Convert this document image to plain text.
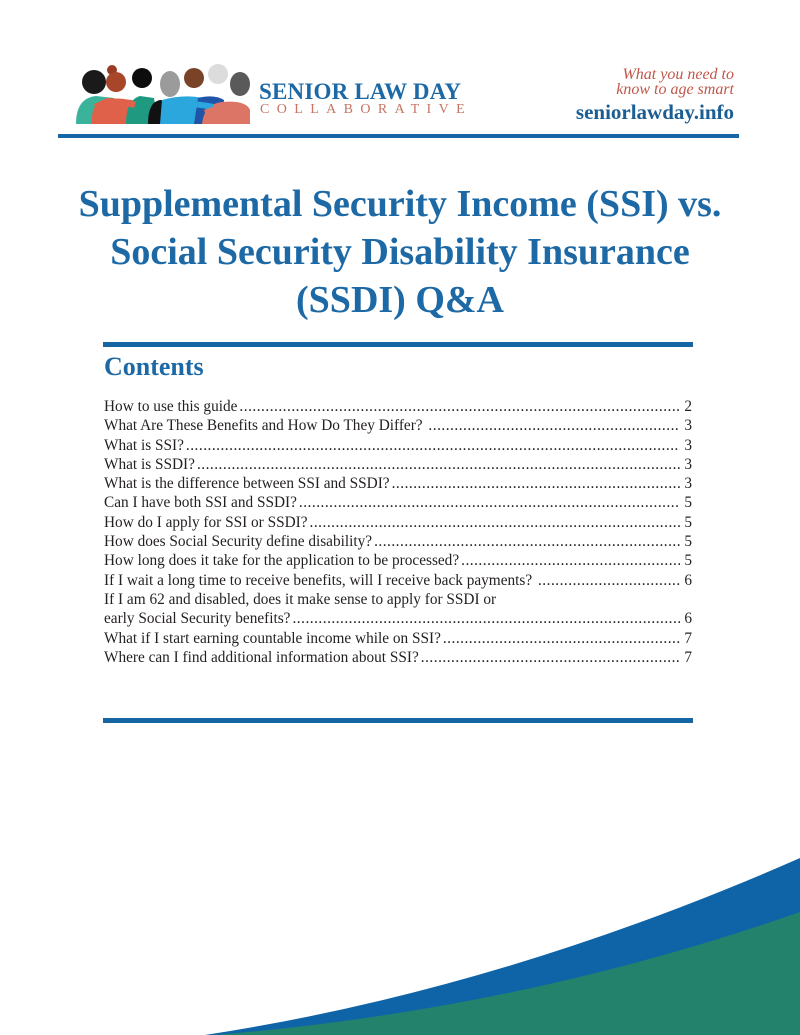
SENIOR LAW DAY
COLLABORATIVE
What you need to
know to age smart
seniorlawday.info
Supplemental Security Income (SSI) vs. Social Security Disability Insurance (SSDI) Q&A
Contents
How to use this guide .....	2
What Are These Benefits and How Do They Differ? .....	3
What is SSI? .....	3
What is SSDI? .....	3
What is the difference between SSI and SSDI? .....	3
Can I have both SSI and SSDI? .....	5
How do I apply for SSI or SSDI? .....	5
How does Social Security define disability? .....	5
How long does it take for the application to be processed? .....	5
If I wait a long time to receive benefits, will I receive back payments? .....	6
If I am 62 and disabled, does it make sense to apply for SSDI or
early Social Security benefits? .....	6
What if I start earning countable income while on SSI? .....	7
Where can I find additional information about SSI? .....	7
